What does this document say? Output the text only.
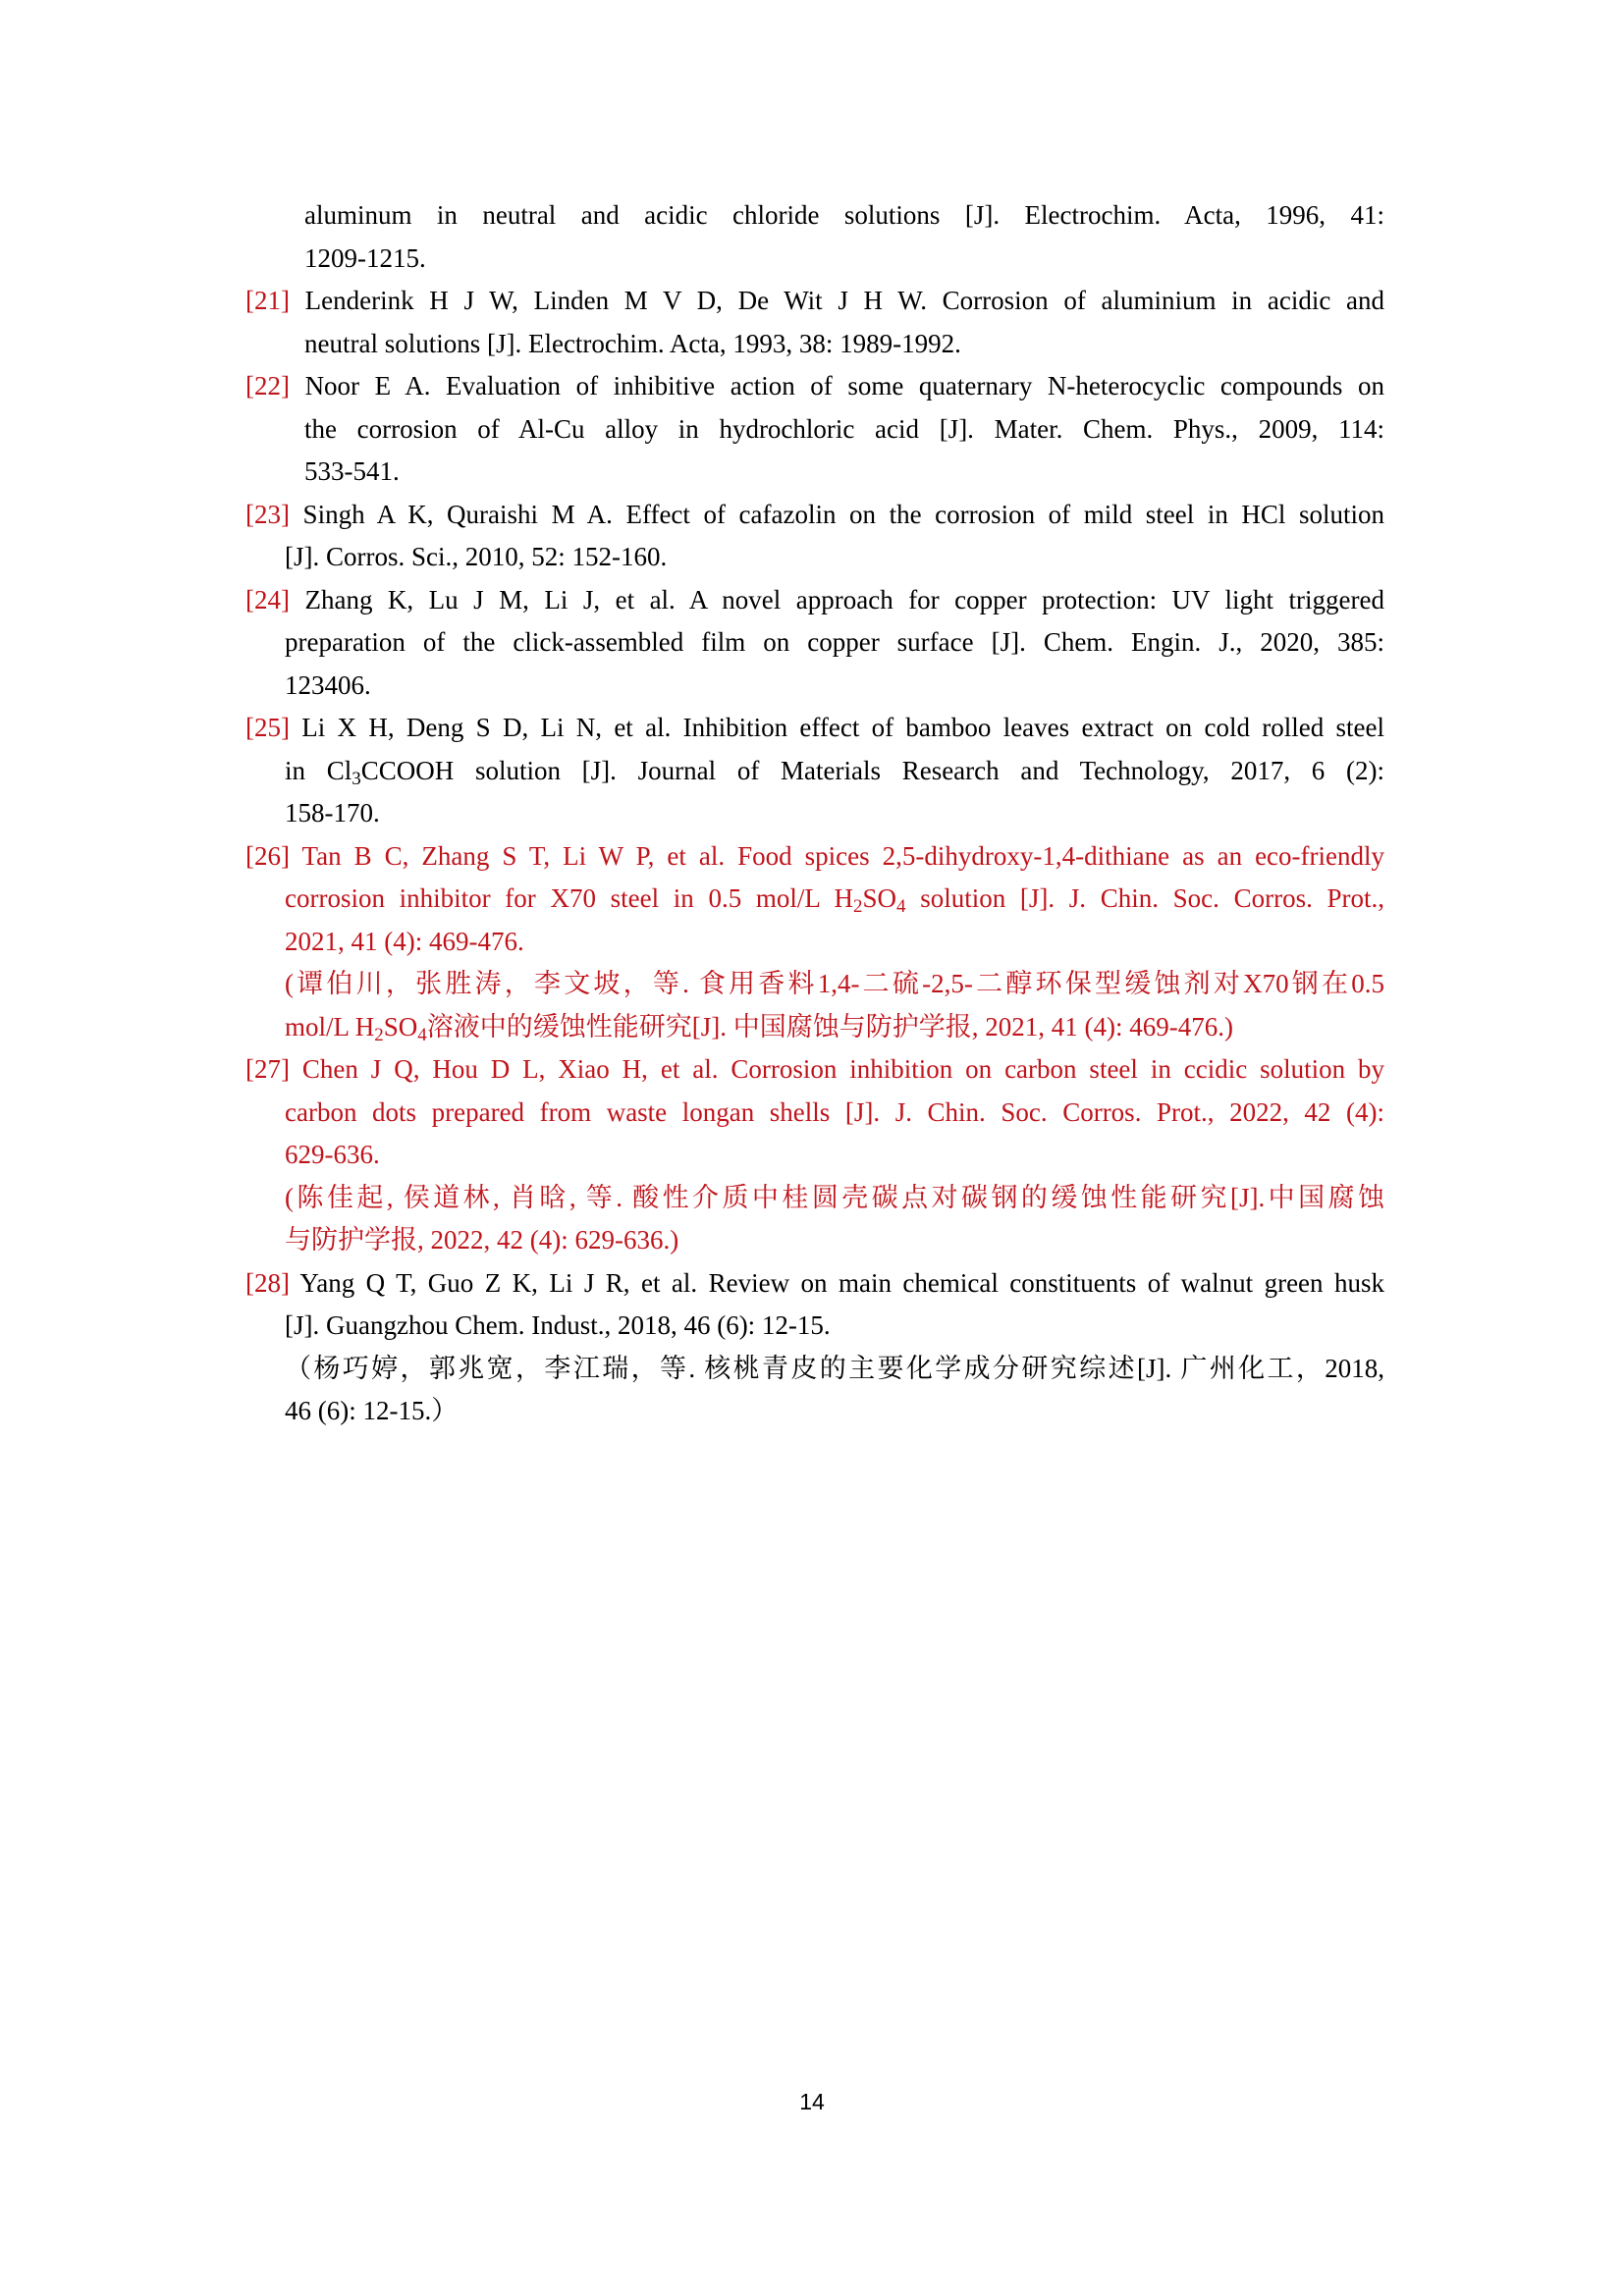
aluminum in neutral and acidic chloride solutions [J]. Electrochim. Acta, 1996, 41:
1209-1215.
[21] Lenderink H J W, Linden M V D, De Wit J H W. Corrosion of aluminium in acidic and
neutral solutions [J]. Electrochim. Acta, 1993, 38: 1989-1992.
[22] Noor E A. Evaluation of inhibitive action of some quaternary N-heterocyclic compounds on
the corrosion of Al-Cu alloy in hydrochloric acid [J]. Mater. Chem. Phys., 2009, 114:
533-541.
[23] Singh A K, Quraishi M A. Effect of cafazolin on the corrosion of mild steel in HCl solution
[J]. Corros. Sci., 2010, 52: 152-160.
[24] Zhang K, Lu J M, Li J, et al. A novel approach for copper protection: UV light triggered
preparation of the click-assembled film on copper surface [J]. Chem. Engin. J., 2020, 385:
123406.
[25] Li X H, Deng S D, Li N, et al. Inhibition effect of bamboo leaves extract on cold rolled steel
in $Cl_3CCOOH$ solution [J]. Journal of Materials Research and Technology, 2017, 6 (2):
158-170.
[26] Tan B C, Zhang S T, Li W P, et al. Food spices 2,5-dihydroxy-1,4-dithiane as an eco-friendly
corrosion inhibitor for X70 steel in 0.5 mol/L $H_2SO_4$ solution [J]. J. Chin. Soc. Corros. Prot.,
2021, 41 (4): 469-476.
(谭伯川，张胜涛，李文坡，等. 食用香料1,4-二硫-2,5-二醇环保型缓蚀剂对X70钢在0.5
mol/L $H_2SO_4$溶液中的缓蚀性能研究[J]. 中国腐蚀与防护学报, 2021, 41 (4): 469-476.)
[27] Chen J Q, Hou D L, Xiao H, et al. Corrosion inhibition on carbon steel in ccidic solution by
carbon dots prepared from waste longan shells [J]. J. Chin. Soc. Corros. Prot., 2022, 42 (4):
629-636.
(陈佳起, 侯道林, 肖晗, 等. 酸性介质中桂圆壳碳点对碳钢的缓蚀性能研究[J].中国腐蚀
与防护学报, 2022, 42 (4): 629-636.)
[28] Yang Q T, Guo Z K, Li J R, et al. Review on main chemical constituents of walnut green husk
[J]. Guangzhou Chem. Indust., 2018, 46 (6): 12-15.
（杨巧婷，郭兆宽，李江瑞，等. 核桃青皮的主要化学成分研究综述[J]. 广州化工，2018,
46 (6): 12-15.）
14
